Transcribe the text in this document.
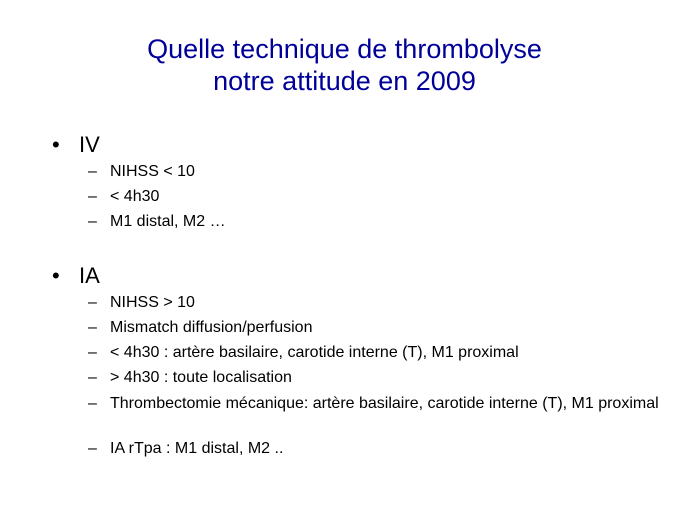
Quelle technique de thrombolyse
notre attitude en 2009
• IV
– NIHSS < 10
– < 4h30
– M1 distal, M2 …
• IA
– NIHSS > 10
– Mismatch diffusion/perfusion
– < 4h30 : artère basilaire, carotide interne (T), M1 proximal
– > 4h30 : toute localisation
– Thrombectomie mécanique: artère basilaire, carotide interne (T), M1 proximal
– IA rTpa : M1 distal, M2 ..
